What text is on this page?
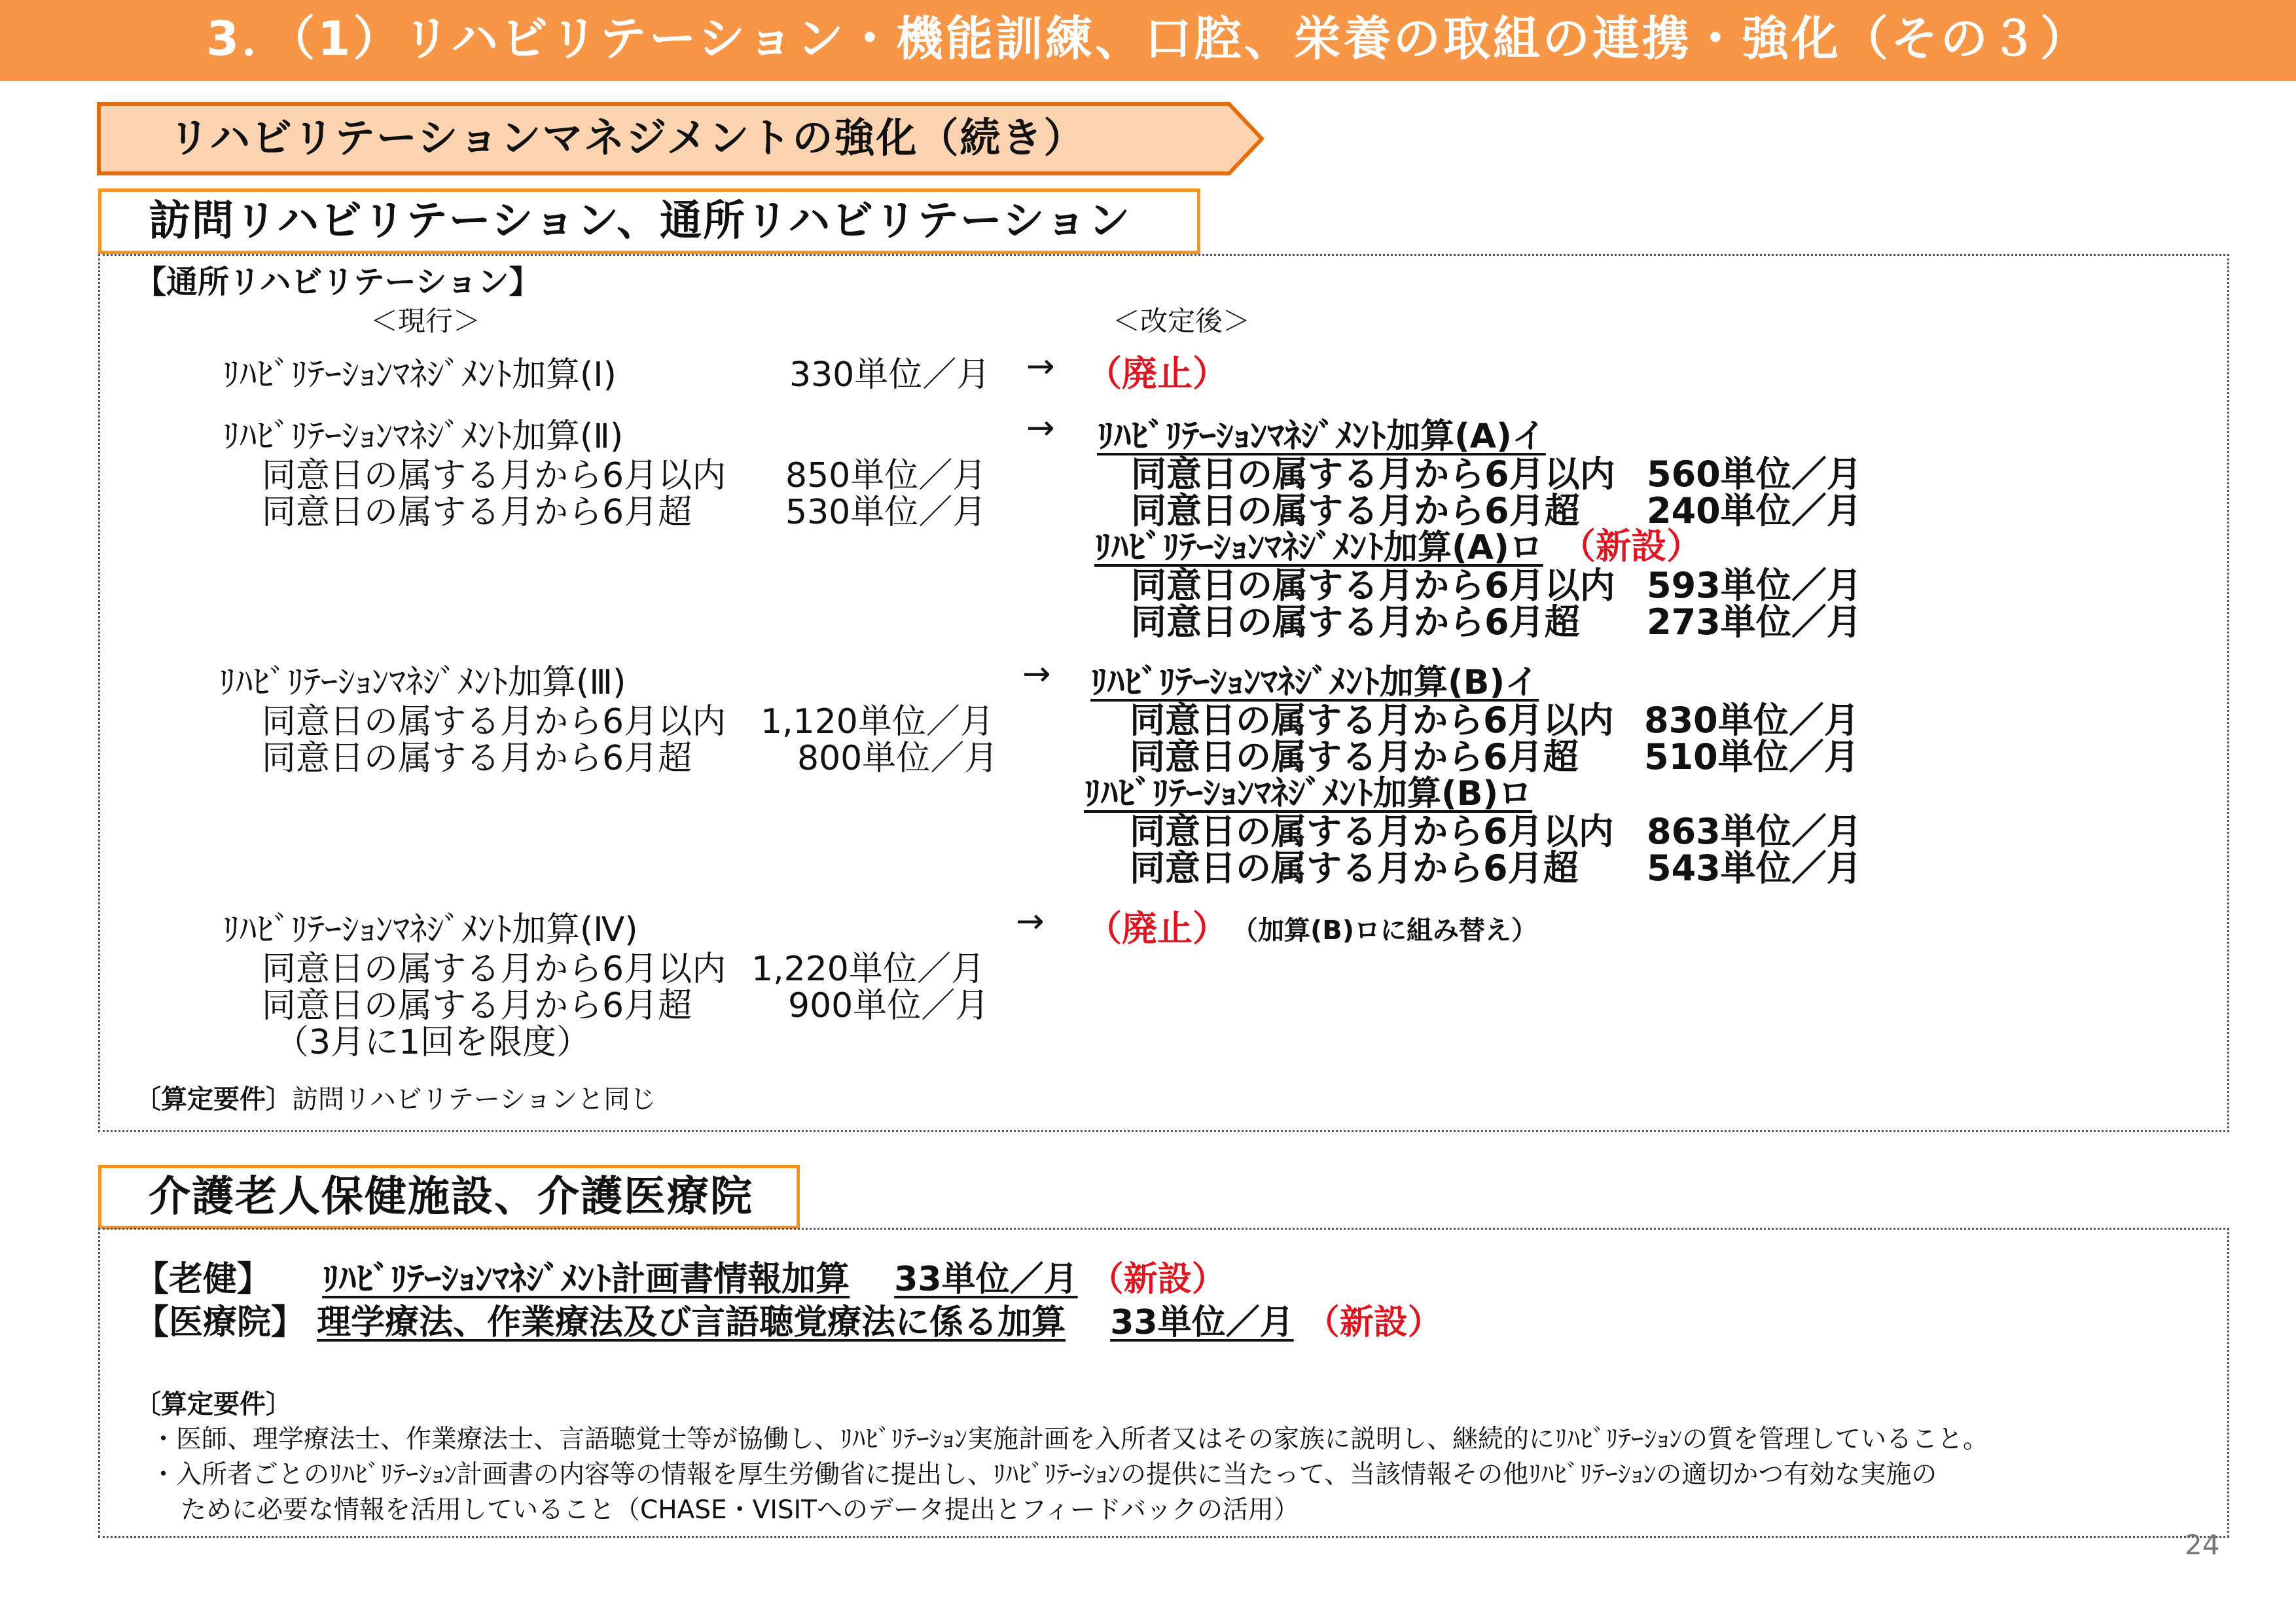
3．（1）リハビリテーション・機能訓練、口腔、栄養の取組の連携・強化（その３）
リハビリテーションマネジメントの強化（続き）
訪問リハビリテーション、通所リハビリテーション
【通所リハビリテーション】
＜現行＞	＜改定後＞
ﾘﾊﾋﾞﾘﾃｰｼｮﾝﾏﾈｼﾞﾒﾝﾄ加算(Ⅰ)	330単位／月 → （廃止）
ﾘﾊﾋﾞﾘﾃｰｼｮﾝﾏﾈｼﾞﾒﾝﾄ加算(Ⅱ)
同意日の属する月から6月以内 850単位／月
同意日の属する月から6月超	530単位／月
→ ﾘﾊﾋﾞﾘﾃｰｼｮﾝﾏﾈｼﾞﾒﾝﾄ加算(A)イ
同意日の属する月から6月以内 560単位／月
同意日の属する月から6月超 240単位／月
ﾘﾊﾋﾞﾘﾃｰｼｮﾝﾏﾈｼﾞﾒﾝﾄ加算(A)ロ （新設）
同意日の属する月から6月以内 593単位／月
同意日の属する月から6月超 273単位／月
ﾘﾊﾋﾞﾘﾃｰｼｮﾝﾏﾈｼﾞﾒﾝﾄ加算(Ⅲ)
同意日の属する月から6月以内 1,120単位／月
同意日の属する月から6月超	800単位／月
→ ﾘﾊﾋﾞﾘﾃｰｼｮﾝﾏﾈｼﾞﾒﾝﾄ加算(B)イ
同意日の属する月から6月以内 830単位／月
同意日の属する月から6月超 510単位／月
ﾘﾊﾋﾞﾘﾃｰｼｮﾝﾏﾈｼﾞﾒﾝﾄ加算(B)ロ
同意日の属する月から6月以内 863単位／月
同意日の属する月から6月超 543単位／月
ﾘﾊﾋﾞﾘﾃｰｼｮﾝﾏﾈｼﾞﾒﾝﾄ加算(Ⅳ)
同意日の属する月から6月以内 1,220単位／月
同意日の属する月から6月超	900単位／月
（3月に1回を限度）
→ （廃止） （加算(B)ロに組み替え）
〔算定要件〕訪問リハビリテーションと同じ
介護老人保健施設、介護医療院
【老健】 ﾘﾊﾋﾞﾘﾃｰｼｮﾝﾏﾈｼﾞﾒﾝﾄ計画書情報加算 33単位／月 （新設）
【医療院】 理学療法、作業療法及び言語聴覚療法に係る加算 33単位／月 （新設）
〔算定要件〕
・医師、理学療法士、作業療法士、言語聴覚士等が協働し、ﾘﾊﾋﾞﾘﾃｰｼｮﾝ実施計画を入所者又はその家族に説明し、継続的にﾘﾊﾋﾞﾘﾃｰｼｮﾝの質を管理していること。
・入所者ごとのﾘﾊﾋﾞﾘﾃｰｼｮﾝ計画書の内容等の情報を厚生労働省に提出し、ﾘﾊﾋﾞﾘﾃｰｼｮﾝの提供に当たって、当該情報その他ﾘﾊﾋﾞﾘﾃｰｼｮﾝの適切かつ有効な実施の
ために必要な情報を活用していること（CHASE・VISITへのデータ提出とフィードバックの活用）
24
